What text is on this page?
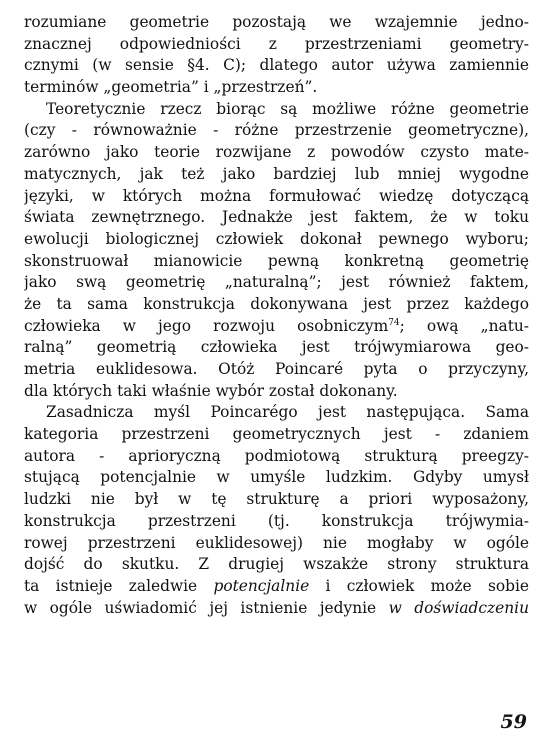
rozumiane geometrie pozostają we wzajemnie jedno-
znacznej odpowiedniości z przestrzeniami geometry-
cznymi (w sensie §4. C); dlatego autor używa zamiennie
terminów „geometria” i „przestrzeń”.
Teoretycznie rzecz biorąc są możliwe różne geometrie
(czy - równoważnie - różne przestrzenie geometryczne),
zarówno jako teorie rozwijane z powodów czysto mate-
matycznych, jak też jako bardziej lub mniej wygodne
języki, w których można formułować wiedzę dotyczącą
świata zewnętrznego. Jednakże jest faktem, że w toku
ewolucji biologicznej człowiek dokonał pewnego wyboru;
skonstruował mianowicie pewną konkretną geometrię
jako swą geometrię „naturalną”; jest również faktem,
że ta sama konstrukcja dokonywana jest przez każdego
człowieka w jego rozwoju osobniczym$^{74}$; ową „natu-
ralną” geometrią człowieka jest trójwymiarowa geo-
metria euklidesowa. Otóż Poincaré pyta o przyczyny,
dla których taki właśnie wybór został dokonany.
Zasadnicza myśl Poincarégo jest następująca. Sama
kategoria przestrzeni geometrycznych jest - zdaniem
autora - aprioryczną podmiotową strukturą preegzy-
stującą potencjalnie w umyśle ludzkim. Gdyby umysł
ludzki nie był w tę strukturę a priori wyposażony,
konstrukcja przestrzeni (tj. konstrukcja trójwymia-
rowej przestrzeni euklidesowej) nie mogłaby w ogóle
dojść do skutku. Z drugiej wszakże strony struktura
ta istnieje zaledwie potencjalnie i człowiek może sobie
w ogóle uświadomić jej istnienie jedynie w doświadczeniu
59
